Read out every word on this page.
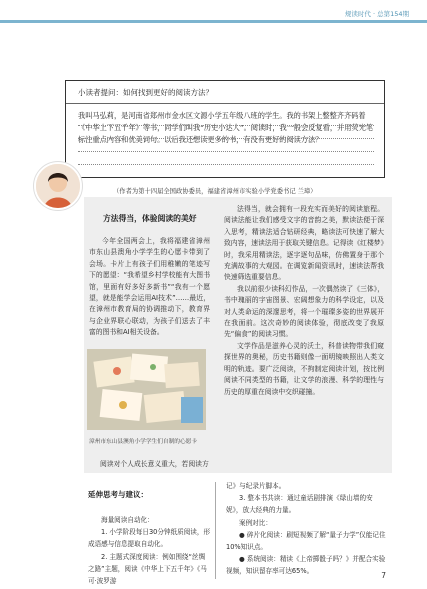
规读时代 · 总第154期
小读者提问：如何找到更好的阅读方法？
我叫马弘莉，是河南省郑州市金水区文源小学五年级八班的学生。我的书架上整整齐齐码着《中华上下五千年》等书，同学们叫我“历史小达人”。阅读时，我一般会反复看，并用荧光笔标注重点内容和优美词句。以后我还想读更多的书，有没有更好的阅读方法？
（作者为第十四届全国政协委员，福建省漳州市实验小学党委书记 兰璋）
方法得当，体验阅读的美好
今年全国两会上，我将福建省漳州市东山县澳角小学学生的心愿卡带到了会场。卡片上有孩子们用稚嫩的笔迹写下的愿望：“我希望乡村学校能有大图书馆，里面有好多好多新书”“我有一个愿望，就是能学会运用AI技术”……最近，在漳州市教育局的协调推动下，教育界与企业界联心联动，为孩子们送去了丰富的图书和AI相关设备。

法得当，就会拥有一段充实而美好的阅读旅程。阅读法能让我们感受文字的音韵之美，默读法便于深入思考，精读法适合钻研经典，略读法可快速了解大致内容，速读法用于获取关键信息。记得读《红楼梦》时，我采用精读法，逐字逐句品味，仿佛置身于那个充满故事的大观园。在调览新闻资讯时，速读法帮我快速筛选重要信息。

我以前很少读科幻作品，一次偶然读了《三体》，书中瑰丽的宇宙图景、宏阔想象力的科学设定，以及对人类命运的深邃思考，将一个璀璨多姿的世界展开在我面前。这次奇妙的阅读体验，彻底改变了我原先“偏食”的阅读习惯。

文学作品是滋养心灵的沃土，科普读物带我们窥探世界的奥秘，历史书籍则像一面明镜映照出人类文明的轨迹。要广泛阅读，不拘制定阅读计划，按比例阅读不同类型的书籍，让文学的浪漫、科学的理性与历史的厚重在阅读中交织碰撞。

漳州市东山县澳角小学学生们自制的心愿卡
阅读对个人成长意义重大，若阅读方
延伸思考与建议：
海量阅读自动化：
1. 小学阶段每日30分钟纸质阅读，形成语感与信息提取自动化。
2. 主题式深度阅读：例如围绕“丝绸之路”主题，阅读《中华上下五千年》《马可·波罗游
记》与纪录片脚本。
3. 整本书共读：通过童话剧排演《绿山墙的安妮》，放大经典的力量。
案例对比：
● 碎片化阅读：刷短视频了解“量子力学”仅能记住10%知识点。
● 系统阅读：精读《上帝掷骰子吗？》并配合实验视频，知识留存率可达65%。	7
